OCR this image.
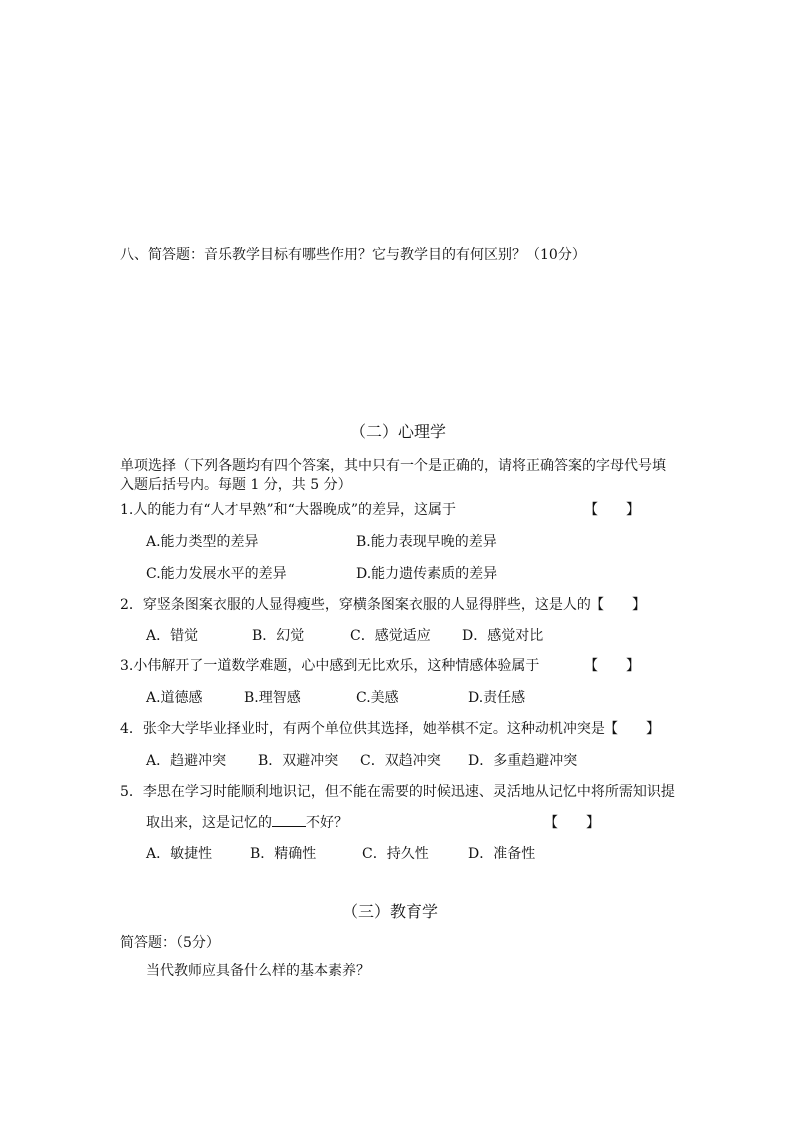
八、简答题：音乐教学目标有哪些作用？它与教学目的有何区别？（10分）
（二）心理学
单项选择（下列各题均有四个答案，其中只有一个是正确的，请将正确答案的字母代号填
入题后括号内。每题 1 分，共 5 分）
1.人的能力有“人才早熟”和“大器晚成”的差异，这属于	【　　】
A.能力类型的差异	B.能力表现早晚的差异
C.能力发展水平的差异	D.能力遗传素质的差异
2．穿竖条图案衣服的人显得瘦些，穿横条图案衣服的人显得胖些，这是人的 【　　】
A．错觉	B．幻觉	C．感觉适应 D．感觉对比
3.小伟解开了一道数学难题，心中感到无比欢乐，这种情感体验属于	【　　】
A.道德感	B.理智感	C.美感	D.责任感
4．张伞大学毕业择业时，有两个单位供其选择，她举棋不定。这种动机冲突是 【　　】
A．趋避冲突 B．双避冲突 C．双趋冲突 D．多重趋避冲突
5．李思在学习时能顺利地识记，但不能在需要的时候迅速、灵活地从记忆中将所需知识提
取出来，这是记忆的 不好？	【　　】
A．敏捷性	B．精确性	C．持久性	D．准备性
（三）教育学
简答题：（5分）
当代教师应具备什么样的基本素养？
